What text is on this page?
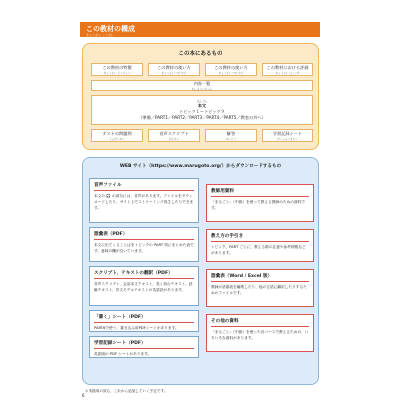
この教材の構成
きょうざい こうせい
この本にあるもの
この教材の特徴
きょうざい とくちょう
この教材の使い方
きょうざい つか かた
この教材の使い方
きょうざい つか かた
この教材における評価
きょうざい ひょうか
内容一覧
ないよういちらん
ほんぶん
本文
トピック１〜トピック９
（準備／PART1／PART2／PART3／PART4／PART5／教室の外へ）
テストの問題例
もんだいれい
音声スクリプト
おんせい
解答
かいとう
学習記録シート
がくしゅうきろく
WEB サイト（https://www.marugoto.org/）からダウンロードするもの
音声ファイル
本文の 🎧 の部分には、音声があります。ファイルをダウンロードしたり、サイト上でストリーミング再生したりできます。
語彙表（PDF）
本文に出てくることばをトピックの PART 別にまとめた表です。意味の欄が空いています。
スクリプト、テキストの翻訳（PDF）
音声スクリプト、会話本文テキスト、長く読むテキスト、読解テキスト、作文モデルテキストの英語訳があります。
「書く」シート（PDF）
PART6で使う、書き込み用PDFシートがあります。
学習記録シート（PDF）
英語版の PDF シートがあります。
教師用資料
「まるごと」（中級）を使って教える教師のための資料です。
教え方の手引き
トピック、PART ごとに、教える際の注意や参考情報などがあります。
語彙表（Word / Excel 版）
教師が語彙表を編集したり、他の言語に翻訳したりするためのファイルです。
その他の資料
「まるごと」（中級）を使った各コースで教えるための、いろいろな資料があります。
＊実践用の試も、これから追加していく予定です。
6
